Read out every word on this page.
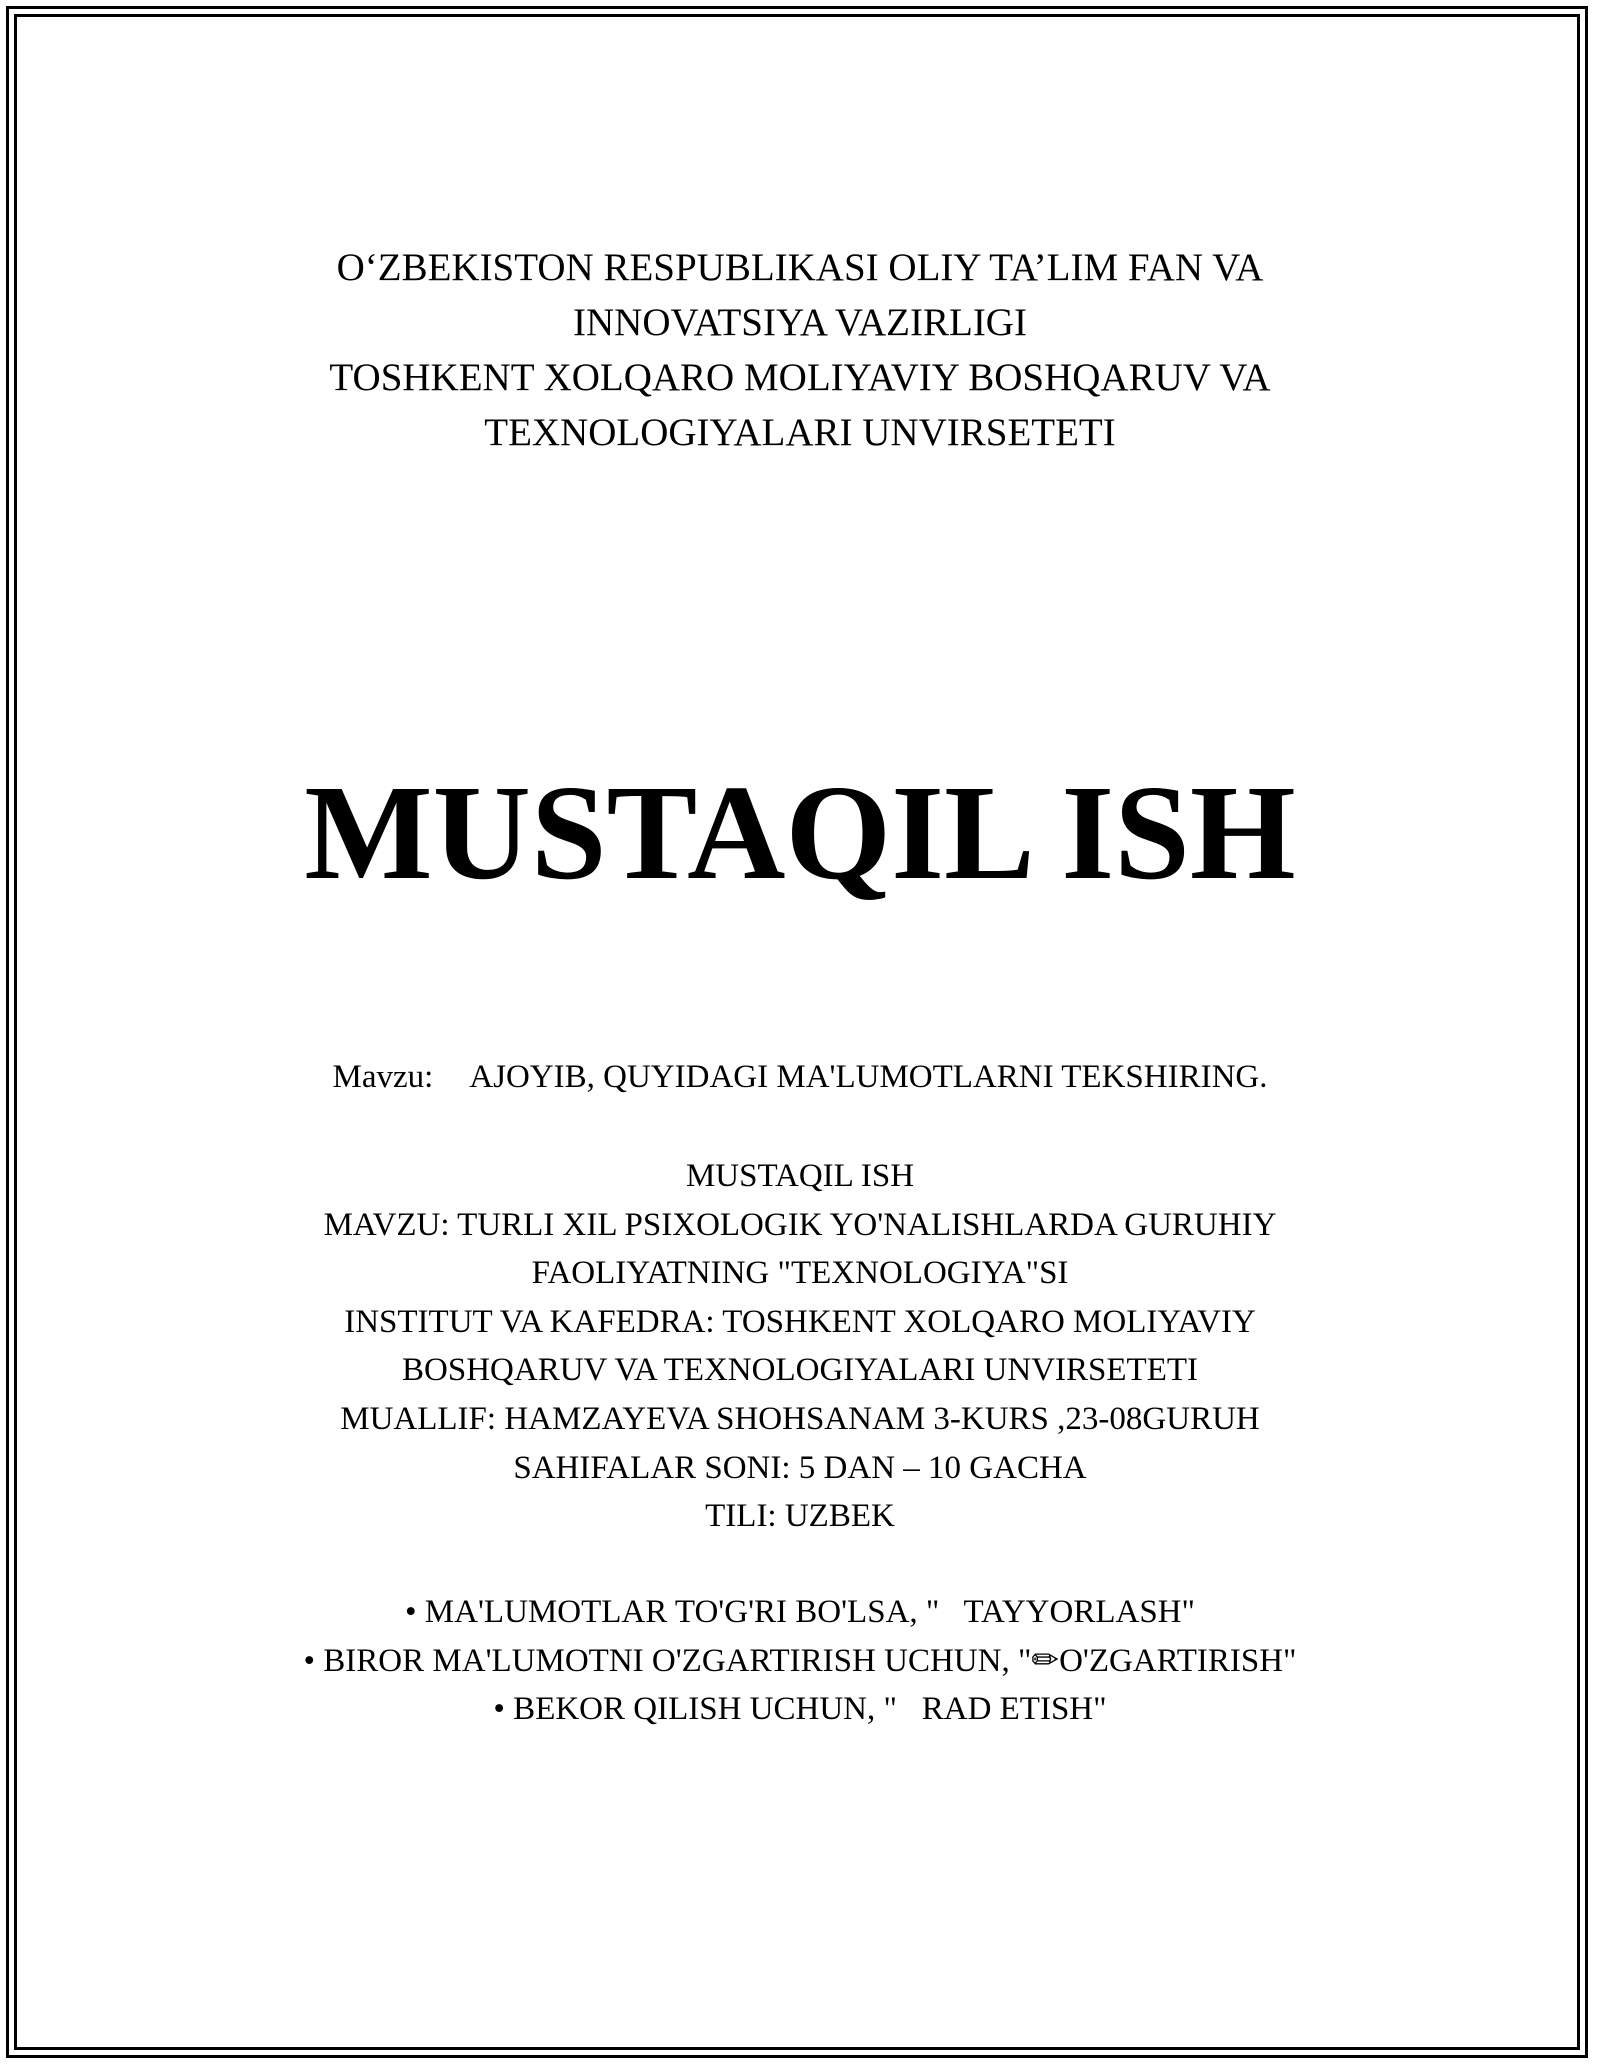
O‘ZBEKISTON RESPUBLIKASI OLIY TA’LIM FAN VA
INNOVATSIYA VAZIRLIGI
TOSHKENT XOLQARO MOLIYAVIY BOSHQARUV VA
TEXNOLOGIYALARI UNVIRSETETI
MUSTAQIL ISH
Mavzu: AJOYIB, QUYIDAGI MA'LUMOTLARNI TEKSHIRING.
MUSTAQIL ISH
MAVZU: TURLI XIL PSIXOLOGIK YO'NALISHLARDA GURUHIY
FAOLIYATNING "TEXNOLOGIYA"SI
INSTITUT VA KAFEDRA: TOSHKENT XOLQARO MOLIYAVIY
BOSHQARUV VA TEXNOLOGIYALARI UNVIRSETETI
MUALLIF: HAMZAYEVA SHOHSANAM 3-KURS ,23-08GURUH
SAHIFALAR SONI: 5 DAN – 10 GACHA
TILI: UZBEK
• MA'LUMOTLAR TO'G'RI BO'LSA, "   TAYYORLASH"
• BIROR MA'LUMOTNI O'ZGARTIRISH UCHUN, "✏O'ZGARTIRISH"
• BEKOR QILISH UCHUN, "   RAD ETISH"
